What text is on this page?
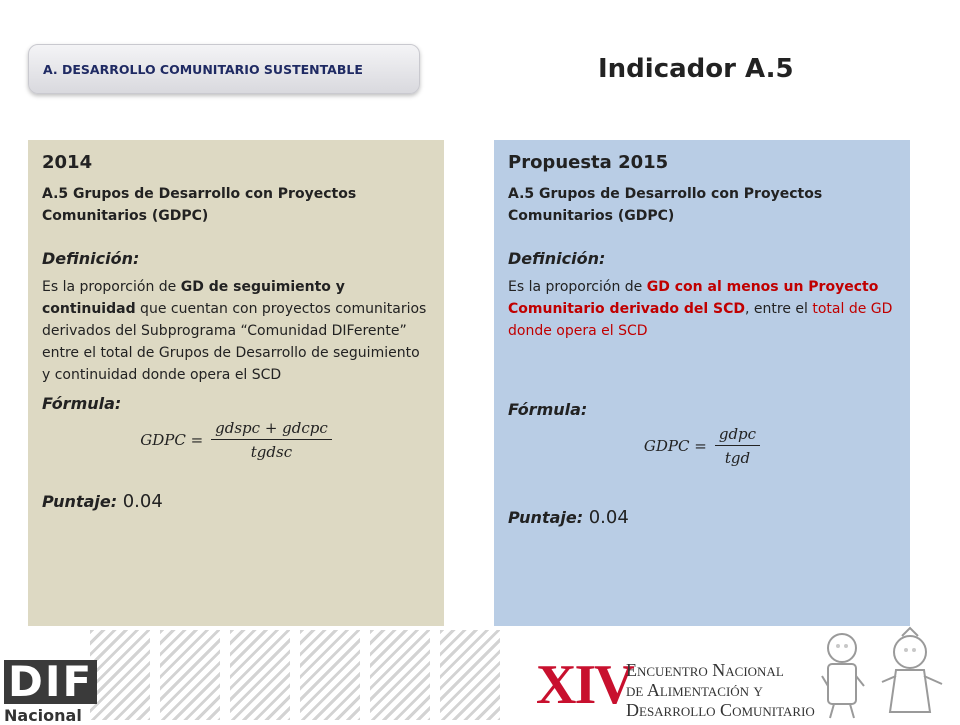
A. DESARROLLO COMUNITARIO SUSTENTABLE	Indicador A.5
2014
A.5 Grupos de Desarrollo con Proyectos Comunitarios (GDPC)
Definición:
Es la proporción de GD de seguimiento y continuidad que cuentan con proyectos comunitarios derivados del Subprograma “Comunidad DIFerente” entre el total de Grupos de Desarrollo de seguimiento y continuidad donde opera el SCD
Fórmula:
GDPC = $\frac{\text{gdspc + gdcpc}}{\text{tgdsc}}$
Puntaje: 0.04
Propuesta 2015
A.5 Grupos de Desarrollo con Proyectos Comunitarios (GDPC)
Definición:
Es la proporción de GD con al menos un Proyecto Comunitario derivado del SCD, entre el total de GD donde opera el SCD
Fórmula:
GDPC = $\frac{\text{gdpc}}{\text{tgd}}$
Puntaje: 0.04
DIF
Nacional	XIV
Encuentro Nacional
de Alimentación y
Desarrollo Comunitario
